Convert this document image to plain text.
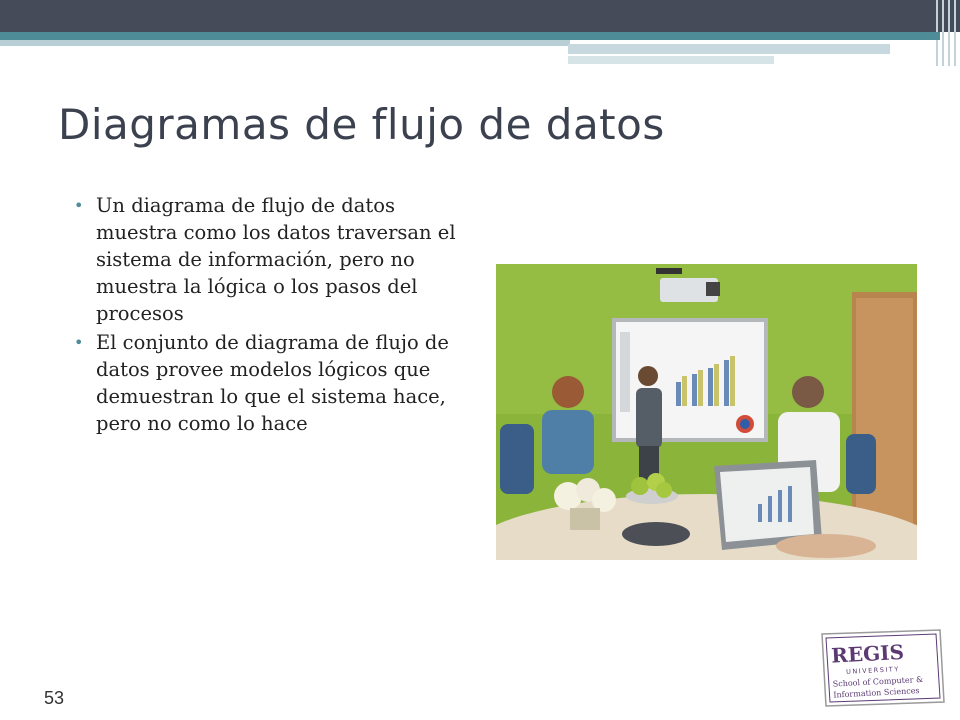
Diagramas de flujo de datos
• Un diagrama de flujo de datos muestra como los datos traversan el sistema de información, pero no muestra la lógica o los pasos del procesos
• El conjunto de diagrama de flujo de datos provee modelos lógicos que demuestran lo que el sistema hace, pero no como lo hace
REGIS
UNIVERSITY
School of Computer &
Information Sciences
53
